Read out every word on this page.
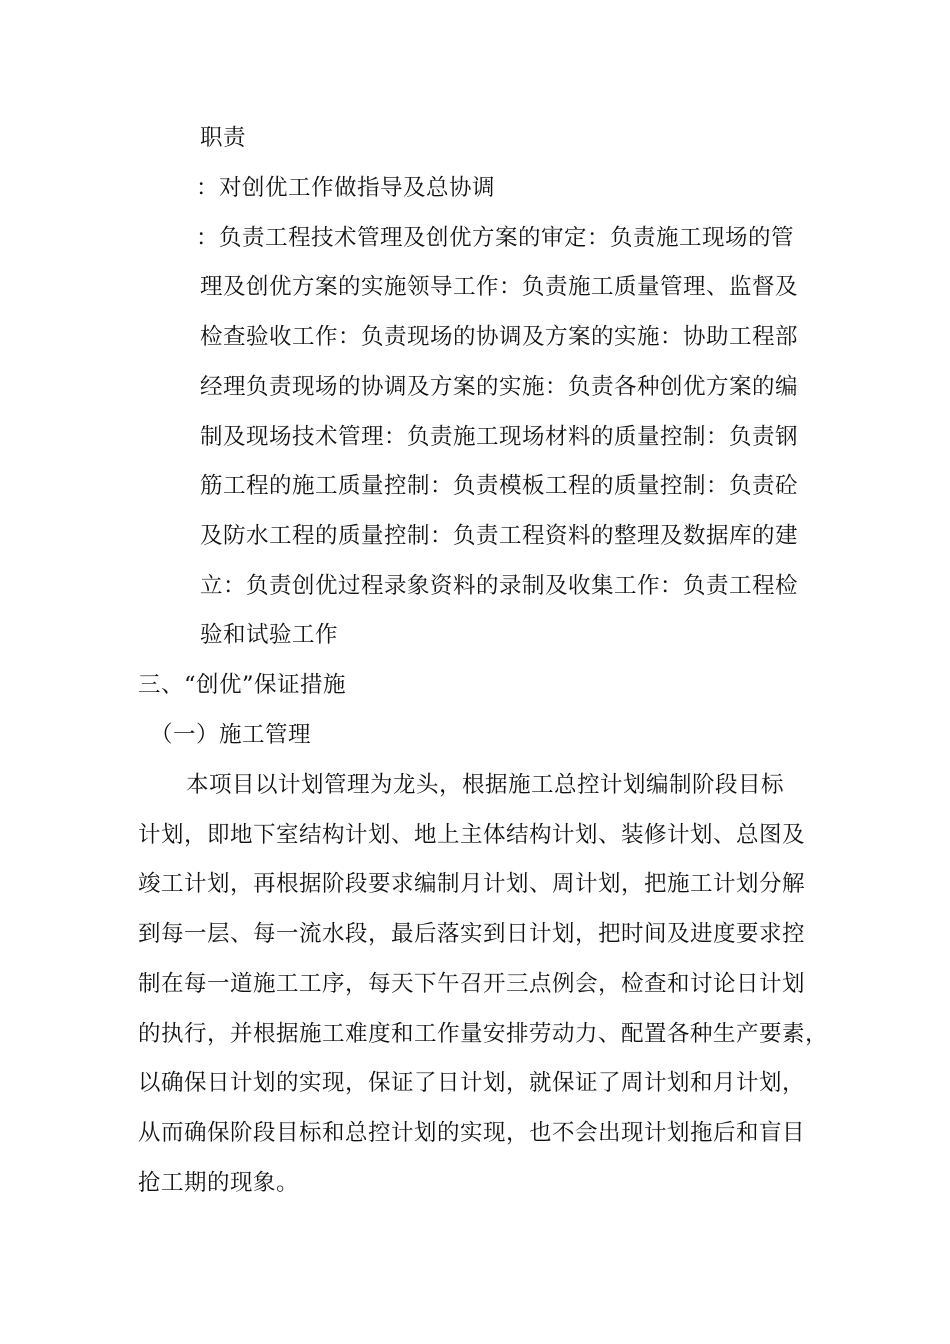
职责
：对创优工作做指导及总协调
：负责工程技术管理及创优方案的审定：负责施工现场的管
理及创优方案的实施领导工作：负责施工质量管理、监督及
检查验收工作：负责现场的协调及方案的实施：协助工程部
经理负责现场的协调及方案的实施：负责各种创优方案的编
制及现场技术管理：负责施工现场材料的质量控制：负责钢
筋工程的施工质量控制：负责模板工程的质量控制：负责砼
及防水工程的质量控制：负责工程资料的整理及数据库的建
立：负责创优过程录象资料的录制及收集工作：负责工程检
验和试验工作
三、“创优”保证措施
（一）施工管理
本项目以计划管理为龙头，根据施工总控计划编制阶段目标
计划，即地下室结构计划、地上主体结构计划、装修计划、总图及
竣工计划，再根据阶段要求编制月计划、周计划，把施工计划分解
到每一层、每一流水段，最后落实到日计划，把时间及进度要求控
制在每一道施工工序，每天下午召开三点例会，检查和讨论日计划
的执行，并根据施工难度和工作量安排劳动力、配置各种生产要素，
以确保日计划的实现，保证了日计划，就保证了周计划和月计划，
从而确保阶段目标和总控计划的实现，也不会出现计划拖后和盲目
抢工期的现象。
